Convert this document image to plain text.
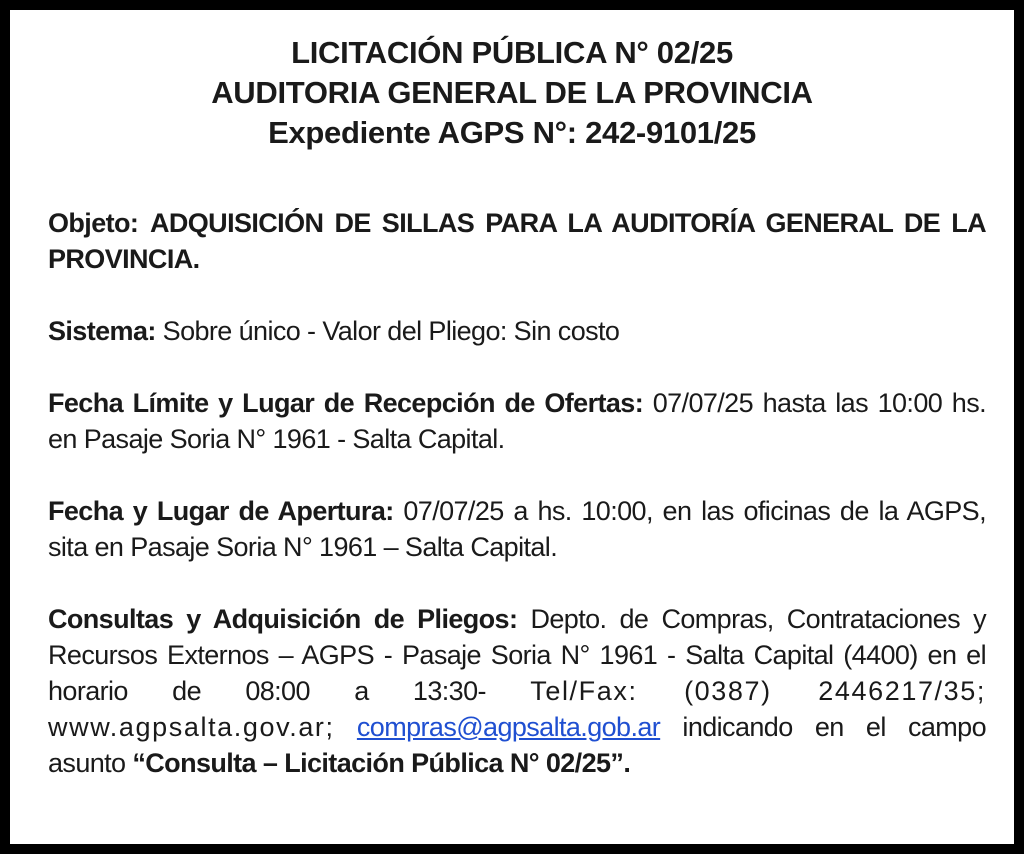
LICITACIÓN PÚBLICA N° 02/25
AUDITORIA GENERAL DE LA PROVINCIA
Expediente AGPS N°: 242-9101/25

Objeto: ADQUISICIÓN DE SILLAS PARA LA AUDITORÍA GENERAL DE LA PROVINCIA.

Sistema: Sobre único - Valor del Pliego: Sin costo

Fecha Límite y Lugar de Recepción de Ofertas: 07/07/25 hasta las 10:00 hs. en Pasaje Soria N° 1961 - Salta Capital.

Fecha y Lugar de Apertura: 07/07/25 a hs. 10:00, en las oficinas de la AGPS, sita en Pasaje Soria N° 1961 – Salta Capital.

Consultas y Adquisición de Pliegos: Depto. de Compras, Contrataciones y Recursos Externos – AGPS - Pasaje Soria N° 1961 - Salta Capital (4400) en el horario de 08:00 a 13:30- Tel/Fax: (0387) 2446217/35; www.agpsalta.gov.ar; compras@agpsalta.gob.ar indicando en el campo asunto “Consulta – Licitación Pública N° 02/25”.
